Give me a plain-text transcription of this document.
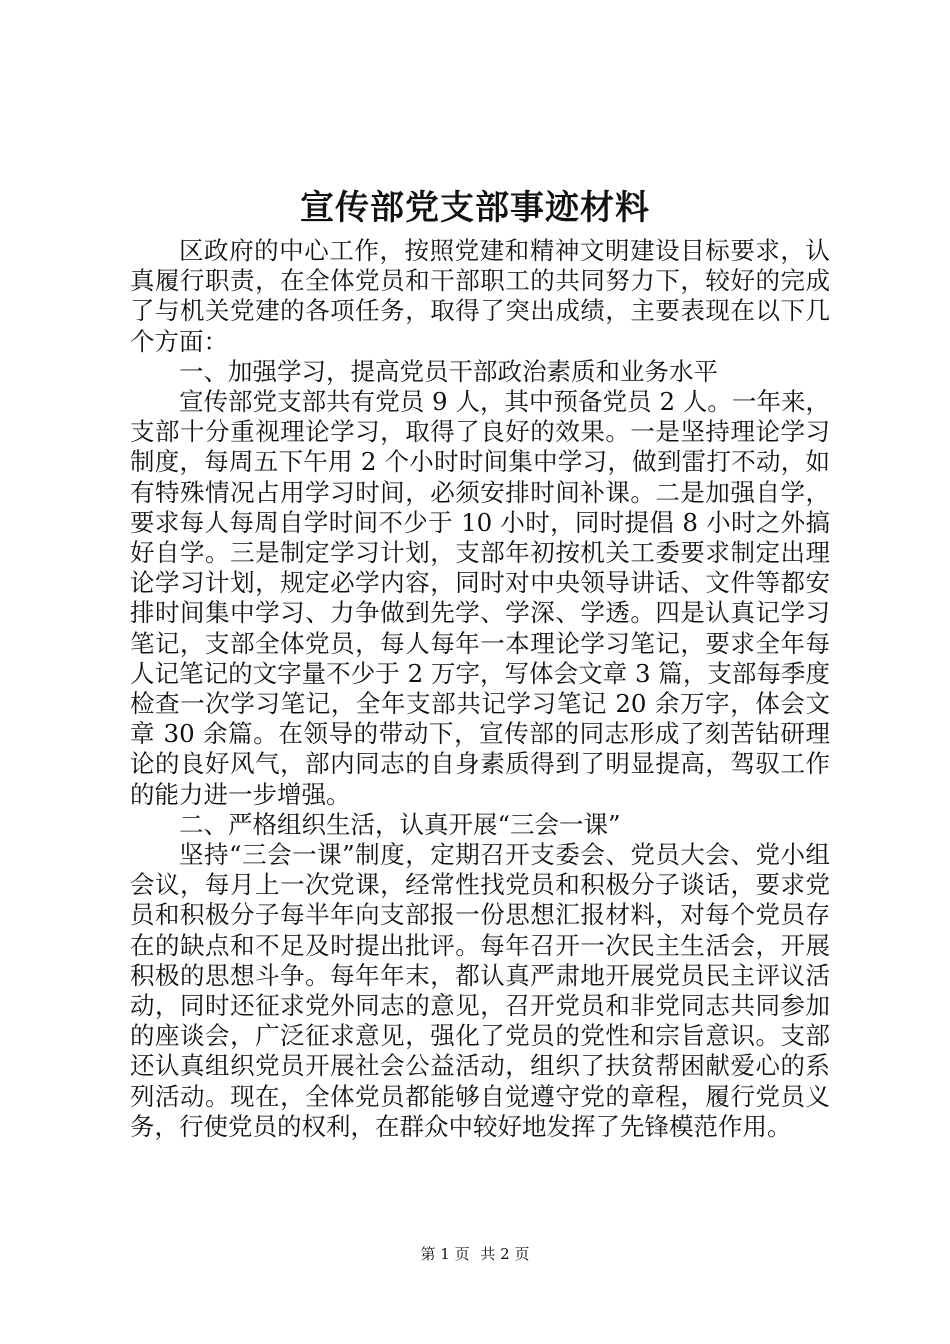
宣传部党支部事迹材料

区政府的中心工作，按照党建和精神文明建设目标要求，认真履行职责，在全体党员和干部职工的共同努力下，较好的完成了与机关党建的各项任务，取得了突出成绩，主要表现在以下几个方面：

一、加强学习，提高党员干部政治素质和业务水平

宣传部党支部共有党员 9 人，其中预备党员 2 人。一年来，支部十分重视理论学习，取得了良好的效果。一是坚持理论学习制度，每周五下午用 2 个小时时间集中学习，做到雷打不动，如有特殊情况占用学习时间，必须安排时间补课。二是加强自学，要求每人每周自学时间不少于 10 小时，同时提倡 8 小时之外搞好自学。三是制定学习计划，支部年初按机关工委要求制定出理论学习计划，规定必学内容，同时对中央领导讲话、文件等都安排时间集中学习、力争做到先学、学深、学透。四是认真记学习笔记，支部全体党员，每人每年一本理论学习笔记，要求全年每人记笔记的文字量不少于 2 万字，写体会文章 3 篇，支部每季度检查一次学习笔记，全年支部共记学习笔记 20 余万字，体会文章 30 余篇。在领导的带动下，宣传部的同志形成了刻苦钻研理论的良好风气，部内同志的自身素质得到了明显提高，驾驭工作的能力进一步增强。

二、严格组织生活，认真开展“三会一课”

坚持“三会一课”制度，定期召开支委会、党员大会、党小组会议，每月上一次党课，经常性找党员和积极分子谈话，要求党员和积极分子每半年向支部报一份思想汇报材料，对每个党员存在的缺点和不足及时提出批评。每年召开一次民主生活会，开展积极的思想斗争。每年年末，都认真严肃地开展党员民主评议活动，同时还征求党外同志的意见，召开党员和非党同志共同参加的座谈会，广泛征求意见，强化了党员的党性和宗旨意识。支部还认真组织党员开展社会公益活动，组织了扶贫帮困献爱心的系列活动。现在，全体党员都能够自觉遵守党的章程，履行党员义务，行使党员的权利，在群众中较好地发挥了先锋模范作用。

第 1 页 共 2 页
